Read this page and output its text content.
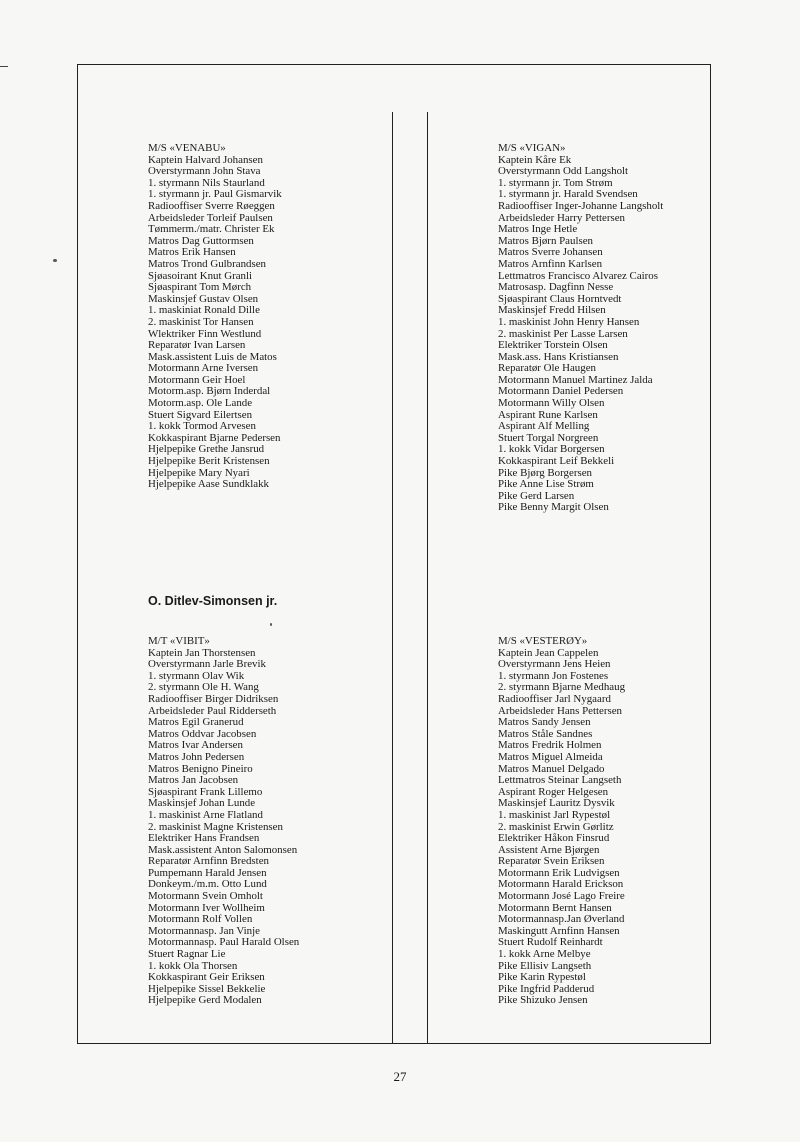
M/S «VENABU»
Kaptein Halvard Johansen
Overstyrmann John Stava
1. styrmann Nils Staurland
1. styrmann jr. Paul Gismarvik
Radiooffiser Sverre Røeggen
Arbeidsleder Torleif Paulsen
Tømmerm./matr. Christer Ek
Matros Dag Guttormsen
Matros Erik Hansen
Matros Trond Gulbrandsen
Sjøasoirant Knut Granli
Sjøaspirant Tom Mørch
Maskinsjef Gustav Olsen
1. maskiniat Ronald Dille
2. maskinist Tor Hansen
Wlektriker Finn Westlund
Reparatør Ivan Larsen
Mask.assistent Luis de Matos
Motormann Arne Iversen
Motormann Geir Hoel
Motorm.asp. Bjørn Inderdal
Motorm.asp. Ole Lande
Stuert Sigvard Eilertsen
1. kokk Tormod Arvesen
Kokkaspirant Bjarne Pedersen
Hjelpepike Grethe Jansrud
Hjelpepike Berit Kristensen
Hjelpepike Mary Nyari
Hjelpepike Aase Sundklakk
M/S «VIGAN»
Kaptein Kåre Ek
Overstyrmann Odd Langsholt
1. styrmann jr. Tom Strøm
1. styrmann jr. Harald Svendsen
Radiooffiser Inger-Johanne Langsholt
Arbeidsleder Harry Pettersen
Matros Inge Hetle
Matros Bjørn Paulsen
Matros Sverre Johansen
Matros Arnfinn Karlsen
Lettmatros Francisco Alvarez Cairos
Matrosasp. Dagfinn Nesse
Sjøaspirant Claus Horntvedt
Maskinsjef Fredd Hilsen
1. maskinist John Henry Hansen
2. maskinist Per Lasse Larsen
Elektriker Torstein Olsen
Mask.ass. Hans Kristiansen
Reparatør Ole Haugen
Motormann Manuel Martinez Jalda
Motormann Daniel Pedersen
Motormann Willy Olsen
Aspirant Rune Karlsen
Aspirant Alf Melling
Stuert Torgal Norgreen
1. kokk Vidar Borgersen
Kokkaspirant Leif Bekkeli
Pike Bjørg Borgersen
Pike Anne Lise Strøm
Pike Gerd Larsen
Pike Benny Margit Olsen
O. Ditlev-Simonsen jr.
M/T «VIBIT»
Kaptein Jan Thorstensen
Overstyrmann Jarle Brevik
1. styrmann Olav Wik
2. styrmann Ole H. Wang
Radiooffiser Birger Didriksen
Arbeidsleder Paul Ridderseth
Matros Egil Granerud
Matros Oddvar Jacobsen
Matros Ivar Andersen
Matros John Pedersen
Matros Benigno Pineiro
Matros Jan Jacobsen
Sjøaspirant Frank Lillemo
Maskinsjef Johan Lunde
1. maskinist Arne Flatland
2. maskinist Magne Kristensen
Elektriker Hans Frandsen
Mask.assistent Anton Salomonsen
Reparatør Arnfinn Bredsten
Pumpemann Harald Jensen
Donkeym./m.m. Otto Lund
Motormann Svein Omholt
Motormann Iver Wollheim
Motormann Rolf Vollen
Motormannasp. Jan Vinje
Motormannasp. Paul Harald Olsen
Stuert Ragnar Lie
1. kokk Ola Thorsen
Kokkaspirant Geir Eriksen
Hjelpepike Sissel Bekkelie
Hjelpepike Gerd Modalen
M/S «VESTERØY»
Kaptein Jean Cappelen
Overstyrmann Jens Heien
1. styrmann Jon Fostenes
2. styrmann Bjarne Medhaug
Radiooffiser Jarl Nygaard
Arbeidsleder Hans Pettersen
Matros Sandy Jensen
Matros Ståle Sandnes
Matros Fredrik Holmen
Matros Miguel Almeida
Matros Manuel Delgado
Lettmatros Steinar Langseth
Aspirant Roger Helgesen
Maskinsjef Lauritz Dysvik
1. maskinist Jarl Rypestøl
2. maskinist Erwin Gørlitz
Elektriker Håkon Finsrud
Assistent Arne Bjørgen
Reparatør Svein Eriksen
Motormann Erik Ludvigsen
Motormann Harald Erickson
Motormann José Lago Freire
Motormann Bernt Hansen
Motormannasp.Jan Øverland
Maskingutt Arnfinn Hansen
Stuert Rudolf Reinhardt
1. kokk Arne Melbye
Pike Ellisiv Langseth
Pike Karin Rypestøl
Pike Ingfrid Padderud
Pike Shizuko Jensen
27
